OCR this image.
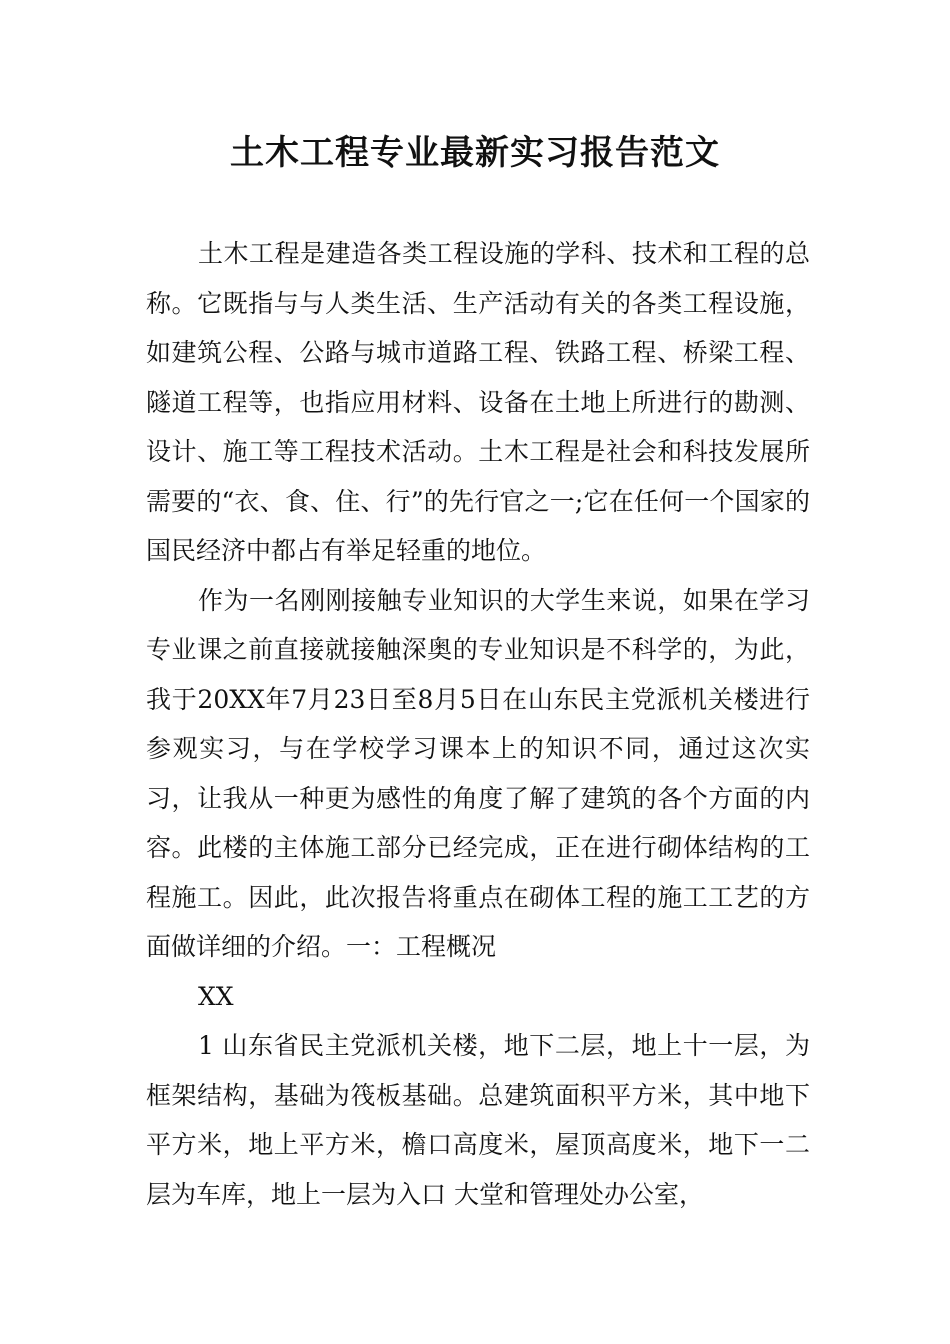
土木工程专业最新实习报告范文

土木工程是建造各类工程设施的学科、技术和工程的总称。它既指与与人类生活、生产活动有关的各类工程设施，如建筑公程、公路与城市道路工程、铁路工程、桥梁工程、隧道工程等，也指应用材料、设备在土地上所进行的勘测、设计、施工等工程技术活动。土木工程是社会和科技发展所需要的“衣、食、住、行”的先行官之一;它在任何一个国家的国民经济中都占有举足轻重的地位。

作为一名刚刚接触专业知识的大学生来说，如果在学习专业课之前直接就接触深奥的专业知识是不科学的，为此，我于20XX年7月23日至8月5日在山东民主党派机关楼进行参观实习，与在学校学习课本上的知识不同，通过这次实习，让我从一种更为感性的角度了解了建筑的各个方面的内容。此楼的主体施工部分已经完成，正在进行砌体结构的工程施工。因此，此次报告将重点在砌体工程的施工工艺的方面做详细的介绍。一：工程概况

XX

1 山东省民主党派机关楼，地下二层，地上十一层，为框架结构，基础为筏板基础。总建筑面积平方米，其中地下平方米，地上平方米，檐口高度米，屋顶高度米，地下一二层为车库，地上一层为入口 大堂和管理处办公室，
